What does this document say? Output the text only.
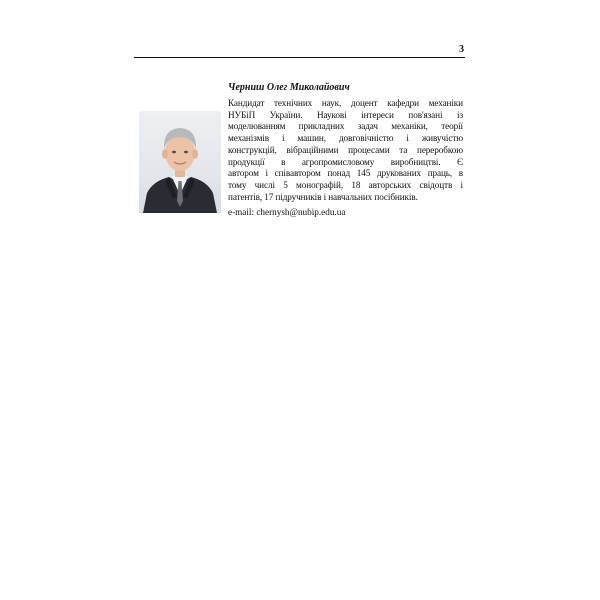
3
Черниш Олег Миколайович
Кандидат технічних наук, доцент кафедри механіки
НУБіП України. Наукові інтереси пов'язані із
моделюванням прикладних задач механіки, теорії
механізмів і машин, довговічністю і живучістю
конструкцій, вібраційними процесами та переробкою
продукції в агропромисловому виробництві. Є
автором і співавтором понад 145 друкованих праць, в
тому числі 5 монографій, 18 авторських свідоцтв і
патентів, 17 підручників і навчальних посібників.
e-mail: chernysh@nubip.edu.ua
